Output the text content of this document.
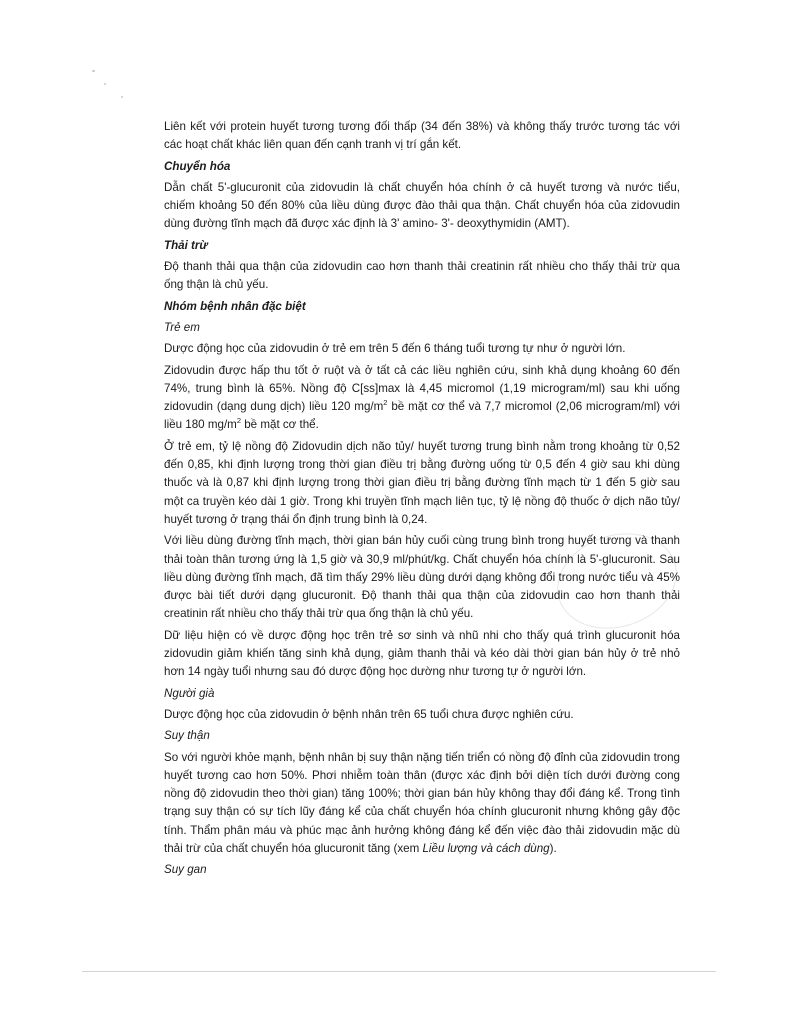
Liên kết với protein huyết tương tương đối thấp (34 đến 38%) và không thấy trước tương tác với các hoạt chất khác liên quan đến cạnh tranh vị trí gắn kết.

Chuyển hóa

Dẫn chất 5'-glucuronit của zidovudin là chất chuyển hóa chính ở cả huyết tương và nước tiểu, chiếm khoảng 50 đến 80% của liều dùng được đào thải qua thận. Chất chuyển hóa của zidovudin dùng đường tĩnh mạch đã được xác định là 3' amino- 3'- deoxythymidin (AMT).

Thải trừ

Độ thanh thải qua thận của zidovudin cao hơn thanh thải creatinin rất nhiều cho thấy thải trừ qua ống thận là chủ yếu.

Nhóm bệnh nhân đặc biệt

Trẻ em

Dược động học của zidovudin ở trẻ em trên 5 đến 6 tháng tuổi tương tự như ở người lớn.

Zidovudin được hấp thu tốt ở ruột và ở tất cả các liều nghiên cứu, sinh khả dụng khoảng 60 đến 74%, trung bình là 65%. Nồng độ C[ss]max là 4,45 micromol (1,19 microgram/ml) sau khi uống zidovudin (dạng dung dịch) liều 120 $mg/m^2$ bề mặt cơ thể và 7,7 micromol (2,06 microgram/ml) với liều 180 $mg/m^2$ bề mặt cơ thể.

Ở trẻ em, tỷ lệ nồng độ Zidovudin dịch não tủy/ huyết tương trung bình nằm trong khoảng từ 0,52 đến 0,85, khi định lượng trong thời gian điều trị bằng đường uống từ 0,5 đến 4 giờ sau khi dùng thuốc và là 0,87 khi định lượng trong thời gian điều trị bằng đường tĩnh mạch từ 1 đến 5 giờ sau một ca truyền kéo dài 1 giờ. Trong khi truyền tĩnh mạch liên tục, tỷ lệ nồng độ thuốc ở dịch não tủy/ huyết tương ở trạng thái ổn định trung bình là 0,24.

Với liều dùng đường tĩnh mạch, thời gian bán hủy cuối cùng trung bình trong huyết tương và thanh thải toàn thân tương ứng là 1,5 giờ và 30,9 ml/phút/kg. Chất chuyển hóa chính là 5'-glucuronit. Sau liều dùng đường tĩnh mạch, đã tìm thấy 29% liều dùng dưới dạng không đổi trong nước tiểu và 45% được bài tiết dưới dạng glucuronit. Độ thanh thải qua thận của zidovudin cao hơn thanh thải creatinin rất nhiều cho thấy thải trừ qua ống thận là chủ yếu.

Dữ liệu hiện có về dược động học trên trẻ sơ sinh và nhũ nhi cho thấy quá trình glucuronit hóa zidovudin giảm khiến tăng sinh khả dụng, giảm thanh thải và kéo dài thời gian bán hủy ở trẻ nhỏ hơn 14 ngày tuổi nhưng sau đó dược động học dường như tương tự ở người lớn.

Người già

Dược động học của zidovudin ở bệnh nhân trên 65 tuổi chưa được nghiên cứu.

Suy thận

So với người khỏe mạnh, bệnh nhân bị suy thận nặng tiến triển có nồng độ đỉnh của zidovudin trong huyết tương cao hơn 50%. Phơi nhiễm toàn thân (được xác định bởi diện tích dưới đường cong nồng độ zidovudin theo thời gian) tăng 100%; thời gian bán hủy không thay đổi đáng kể. Trong tình trạng suy thận có sự tích lũy đáng kể của chất chuyển hóa chính glucuronit nhưng không gây độc tính. Thẩm phân máu và phúc mạc ảnh hưởng không đáng kể đến việc đào thải zidovudin mặc dù thải trừ của chất chuyển hóa glucuronit tăng (xem Liều lượng và cách dùng).

Suy gan
